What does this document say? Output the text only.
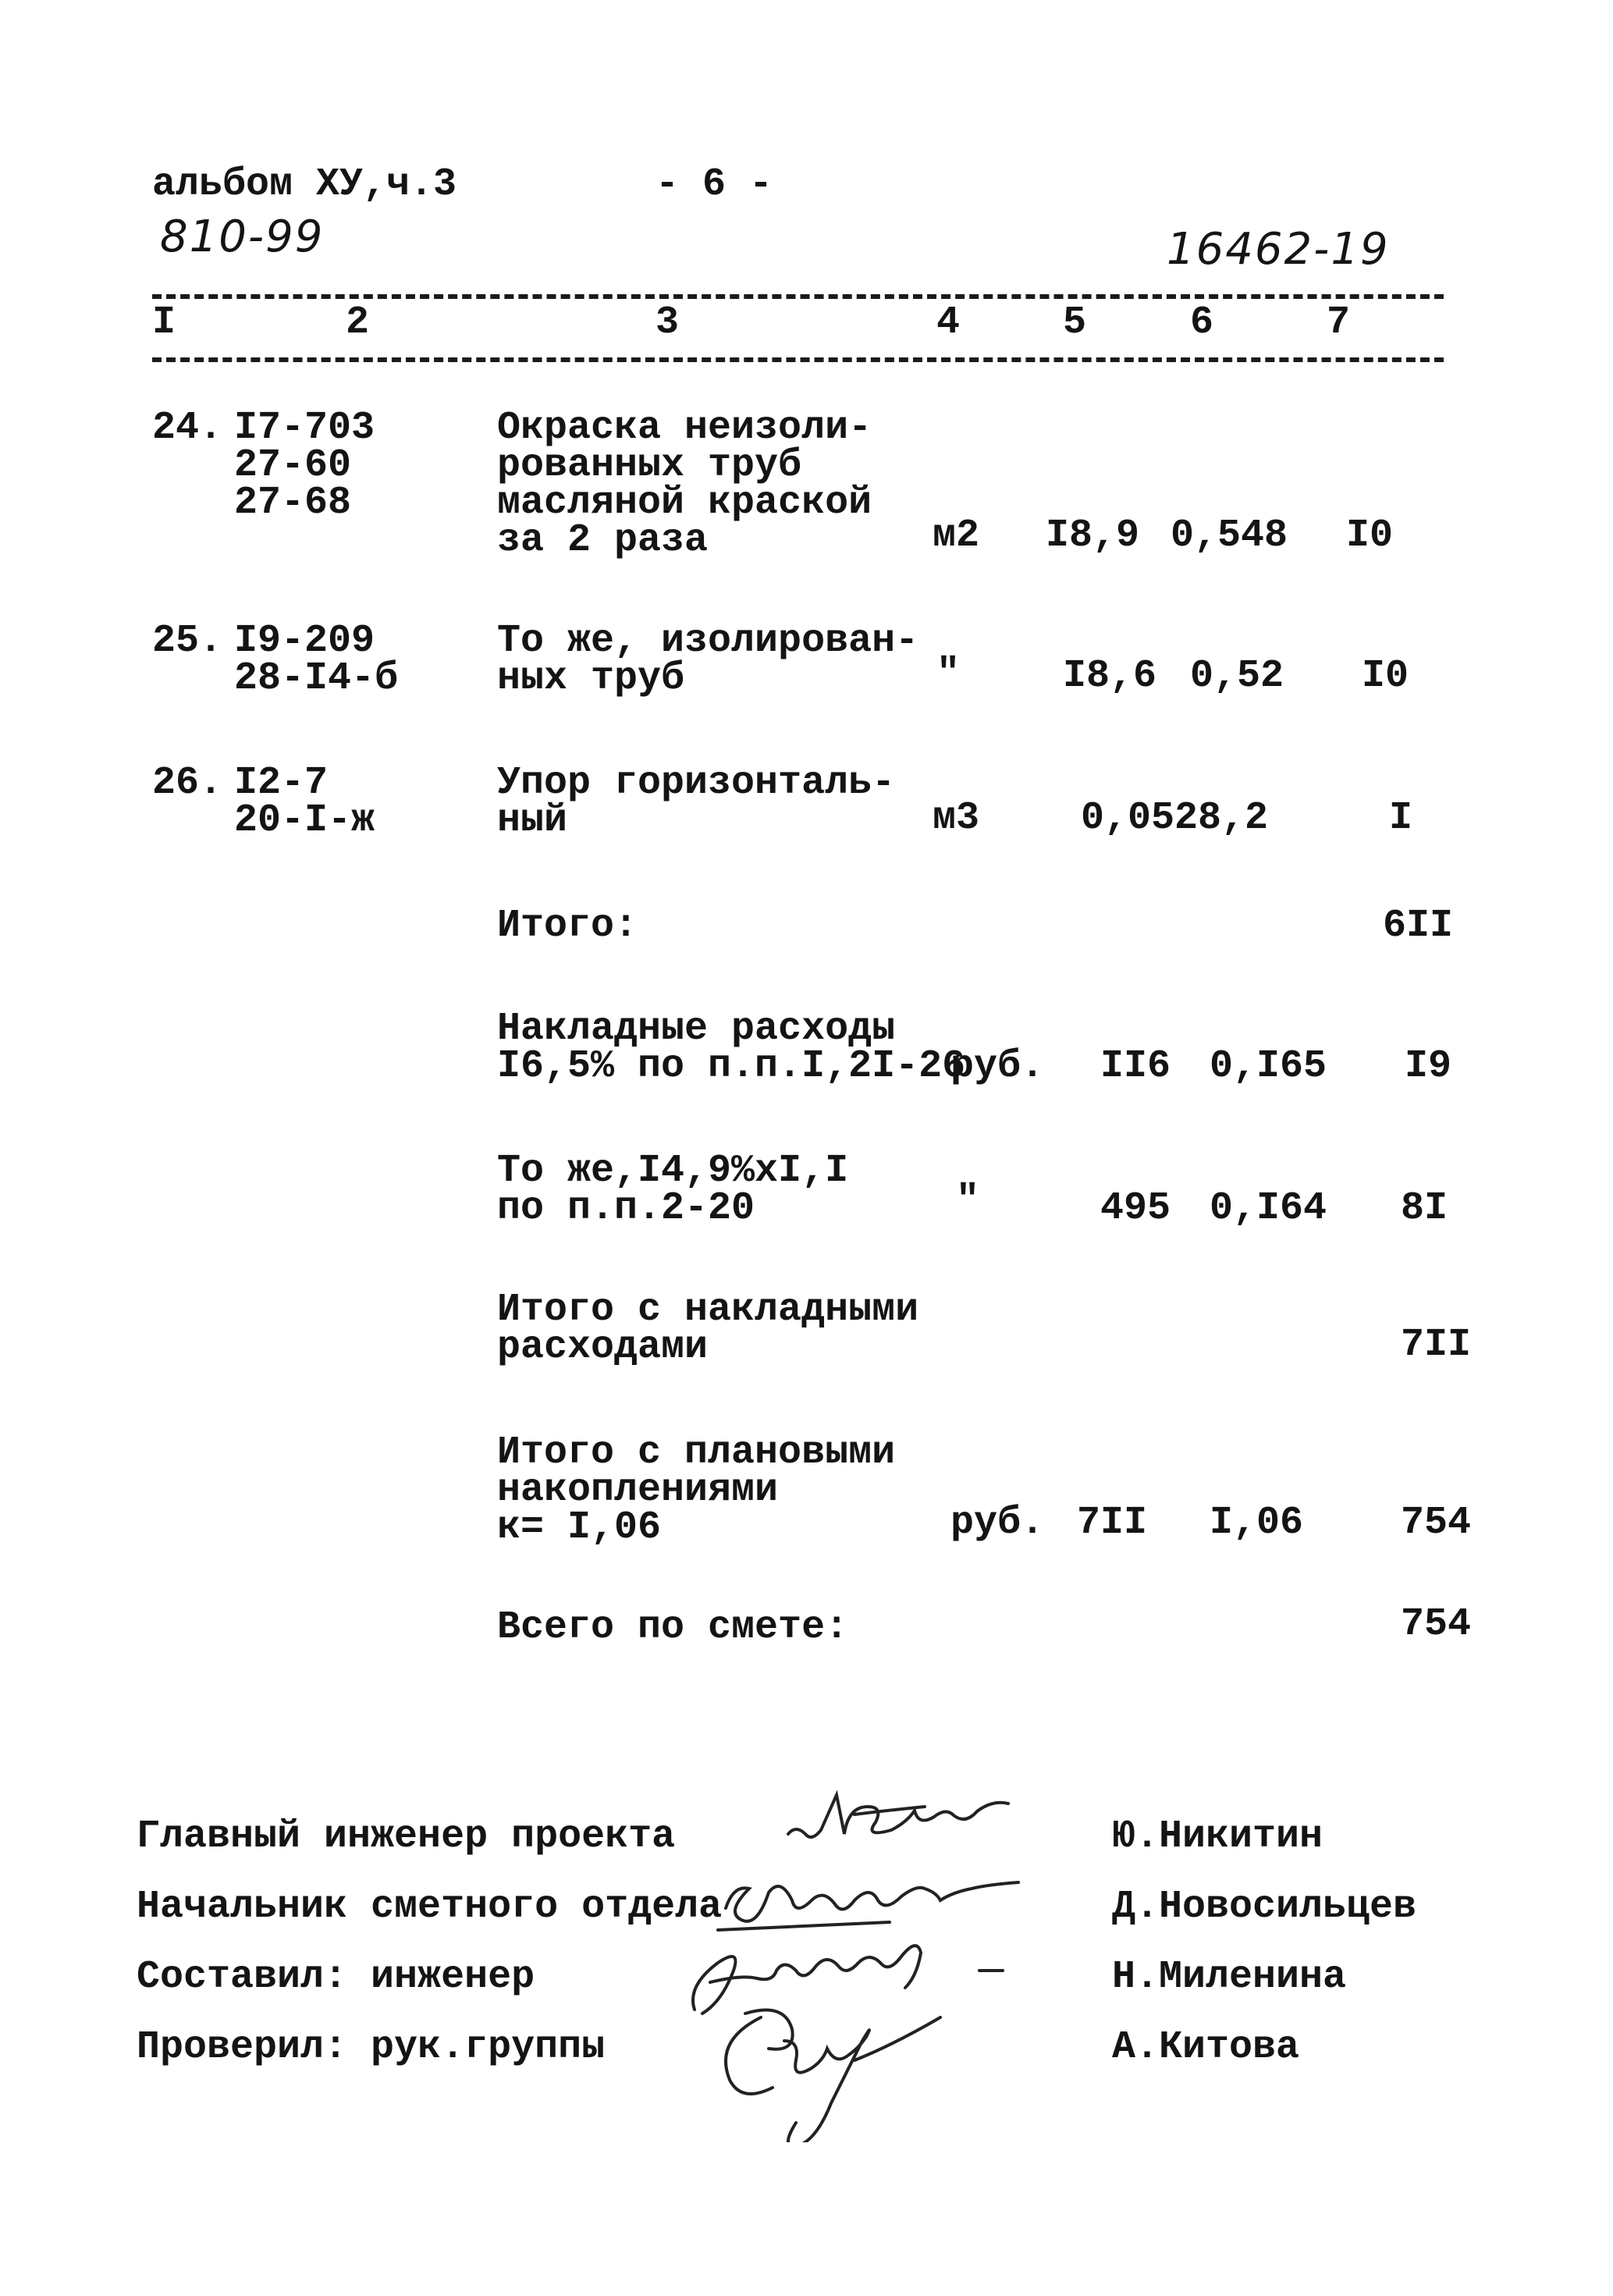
альбом XУ,ч.3	- 6 -
810-99	16462-19
I	2	3	4	5	6	7
24. I7-703
27-60
27-68
Окраска неизоли-
рованных труб
масляной краской
за 2 раза	м2 I8,9 0,548 I0
25. I9-209
28-I4-б
То же, изолирован-
ных труб	"	I8,6 0,52 I0
26. I2-7
20-I-ж
Упор горизонталь-
ный	м3	0,05 28,2	I
Итого:	6II
Накладные расходы
I6,5% по п.п.I,2I-26
руб. II6 0,I65 I9
То же,I4,9%хI,I
по п.п.2-20	"	495 0,I64 8I
Итого с накладными
расходами	7II
Итого с плановыми
накоплениями
к= I,06	руб. 7II I,06 754
Всего по смете:	754
Главный инженер проекта	Ю.Никитин
Начальник сметного отдела	Д.Новосильцев
Составил: инженер	Н.Миленина
Проверил: рук.группы	А.Китова
